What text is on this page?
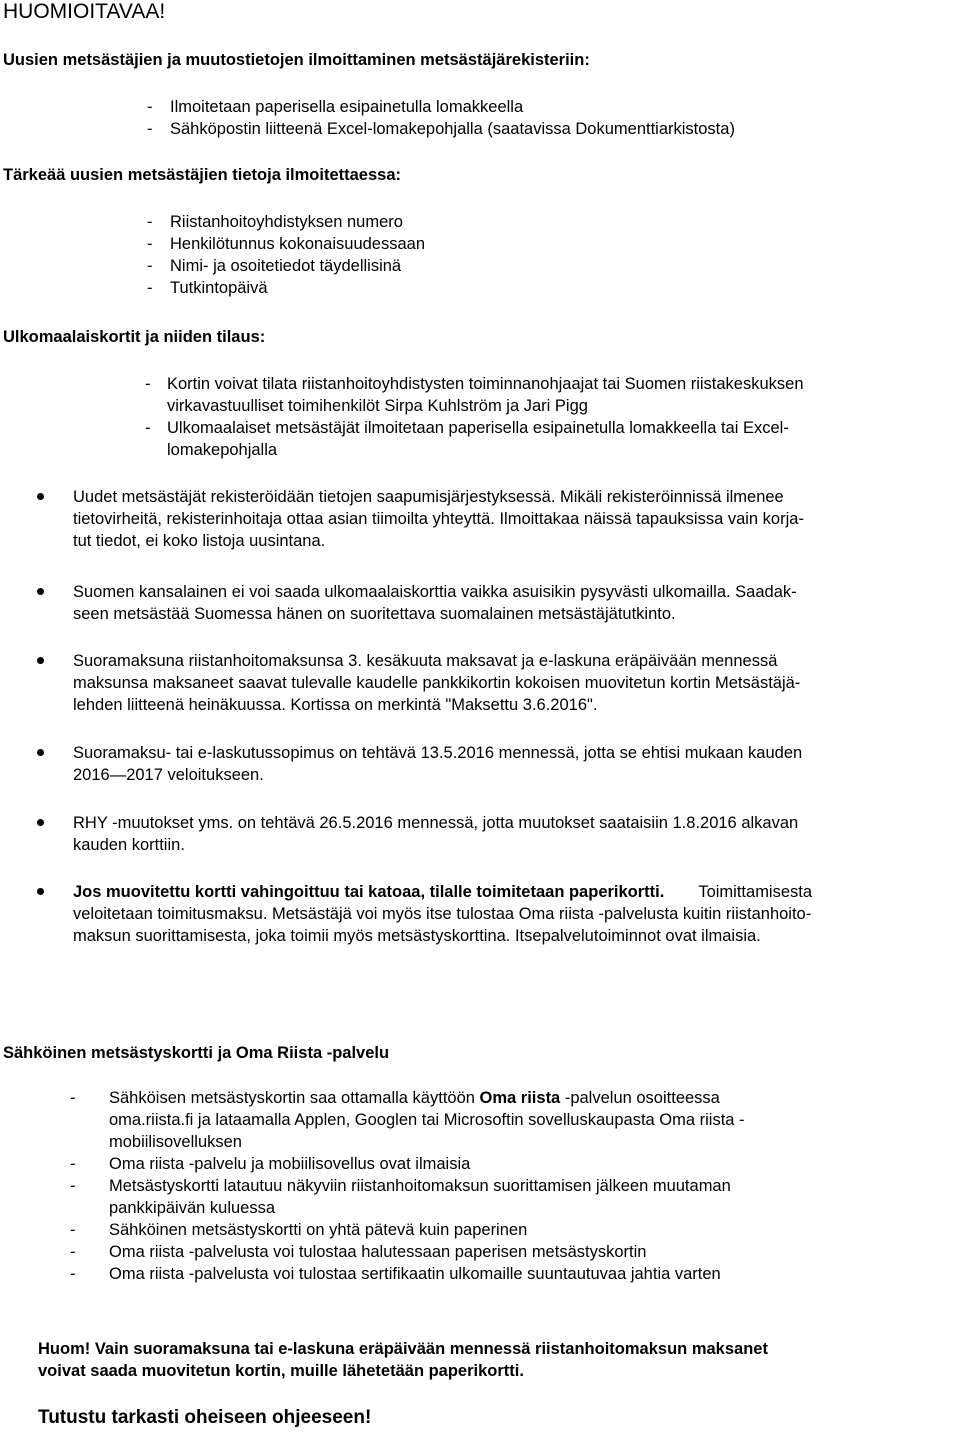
HUOMIOITAVAA!
Uusien metsästäjien ja muutostietojen ilmoittaminen metsästäjärekisteriin:
-	Ilmoitetaan paperisella esipainetulla lomakkeella
-	Sähköpostin liitteenä Excel-lomakepohjalla (saatavissa Dokumenttiarkistosta)
Tärkeää uusien metsästäjien tietoja ilmoitettaessa:
-	Riistanhoitoyhdistyksen numero
-	Henkilötunnus kokonaisuudessaan
-	Nimi- ja osoitetiedot täydellisinä
-	Tutkintopäivä
Ulkomaalaiskortit ja niiden tilaus:
-	Kortin voivat tilata riistanhoitoyhdistysten toiminnanohjaajat tai Suomen riistakeskuksen
virkavastuulliset toimihenkilöt Sirpa Kuhlström ja Jari Pigg
-	Ulkomaalaiset metsästäjät ilmoitetaan paperisella esipainetulla lomakkeella tai Excel-
lomakepohjalla
Uudet metsästäjät rekisteröidään tietojen saapumisjärjestyksessä. Mikäli rekisteröinnissä ilmenee
tietovirheitä, rekisterinhoitaja ottaa asian tiimoilta yhteyttä. Ilmoittakaa näissä tapauksissa vain korja-
tut tiedot, ei koko listoja uusintana.
Suomen kansalainen ei voi saada ulkomaalaiskorttia vaikka asuisikin pysyvästi ulkomailla. Saadak-
seen metsästää Suomessa hänen on suoritettava suomalainen metsästäjätutkinto.
Suoramaksuna riistanhoitomaksunsa 3. kesäkuuta maksavat ja e-laskuna eräpäivään mennessä
maksunsa maksaneet saavat tulevalle kaudelle pankkikortin kokoisen muovitetun kortin Metsästäjä-
lehden liitteenä heinäkuussa. Kortissa on merkintä "Maksettu 3.6.2016".
Suoramaksu- tai e-laskutussopimus on tehtävä 13.5.2016 mennessä, jotta se ehtisi mukaan kauden
2016—2017 veloitukseen.
RHY -muutokset yms. on tehtävä 26.5.2016 mennessä, jotta muutokset saataisiin 1.8.2016 alkavan
kauden korttiin.
Jos muovitettu kortti vahingoittuu tai katoaa, tilalle toimitetaan paperikortti. Toimittamisesta
veloitetaan toimitusmaksu. Metsästäjä voi myös itse tulostaa Oma riista -palvelusta kuitin riistanhoito-
maksun suorittamisesta, joka toimii myös metsästyskorttina. Itsepalvelutoiminnot ovat ilmaisia.
Sähköinen metsästyskortti ja Oma Riista -palvelu
-	Sähköisen metsästyskortin saa ottamalla käyttöön Oma riista -palvelun osoitteessa
oma.riista.fi ja lataamalla Applen, Googlen tai Microsoftin sovelluskaupasta Oma riista -
mobiilisovelluksen
-	Oma riista -palvelu ja mobiilisovellus ovat ilmaisia
-	Metsästyskortti latautuu näkyviin riistanhoitomaksun suorittamisen jälkeen muutaman
pankkipäivän kuluessa
-	Sähköinen metsästyskortti on yhtä pätevä kuin paperinen
-	Oma riista -palvelusta voi tulostaa halutessaan paperisen metsästyskortin
-	Oma riista -palvelusta voi tulostaa sertifikaatin ulkomaille suuntautuvaa jahtia varten
Huom! Vain suoramaksuna tai e-laskuna eräpäivään mennessä riistanhoitomaksun maksanet
voivat saada muovitetun kortin, muille lähetetään paperikortti.
Tutustu tarkasti oheiseen ohjeeseen!
